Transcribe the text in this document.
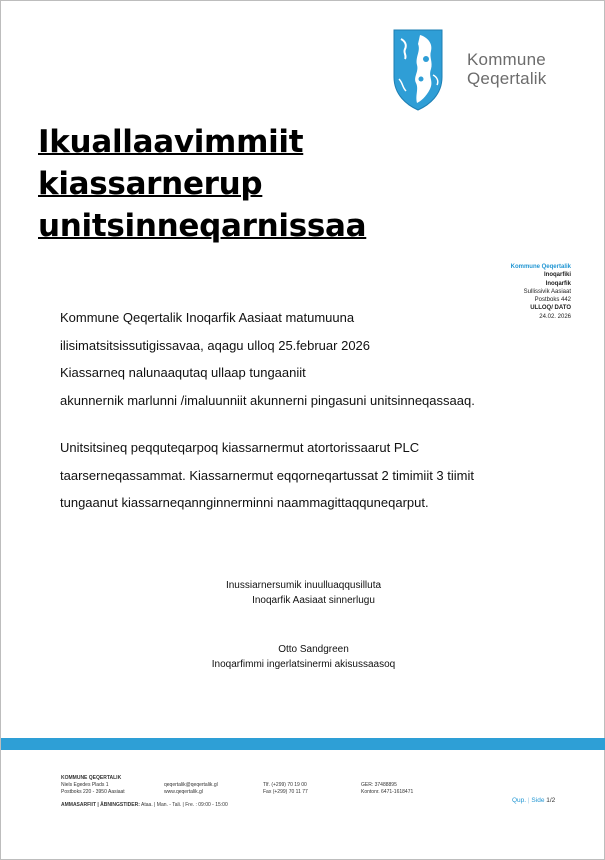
Kommune
Qeqertalik
Ikuallaavimmiit
kiassarnerup
unitsinneqarnissaa
Kommune Qeqertalik
Inoqarfiki
Inoqarfik
Sullissivik Aasiaat
Postboks 442
ULLOQ/ DATO
24.02. 2026
Kommune Qeqertalik Inoqarfik Aasiaat matumuuna
ilisimatsitsissutigissavaa, aqagu ulloq 25.februar 2026
Kiassarneq nalunaaqutaq ullaap tungaaniit
akunnernik marlunni /imaluunniit akunnerni pingasuni unitsinneqassaaq.
Unitsitsineq peqquteqarpoq kiassarnermut atortorissaarut PLC
taarserneqassammat. Kiassarnermut eqqorneqartussat 2 timimiit 3 tiimit
tungaanut kiassarneqannginnerminni naammagittaqquneqarput.
Inussiarnersumik inuulluaqqusilluta
Inoqarfik Aasiaat sinnerlugu
Otto Sandgreen
Inoqarfimmi ingerlatsinermi akisussaasoq
KOMMUNE QEQERTALIK
Niels Egedes Plads 1
Postboks 220 - 3950 Aasiaat

qeqertalik@qeqertalik.gl
www.qeqertalik.gl

Tlf. (+299) 70 19 00
Fax (+299) 70 11 77

GER: 37488895
Kontonr. 6471-1618471
AMMASARFIIT | ÅBNINGSTIDER: Ataa. | Man. - Tali. | Fre. : 09:00 - 15:00
Qup. | Side 1/2
